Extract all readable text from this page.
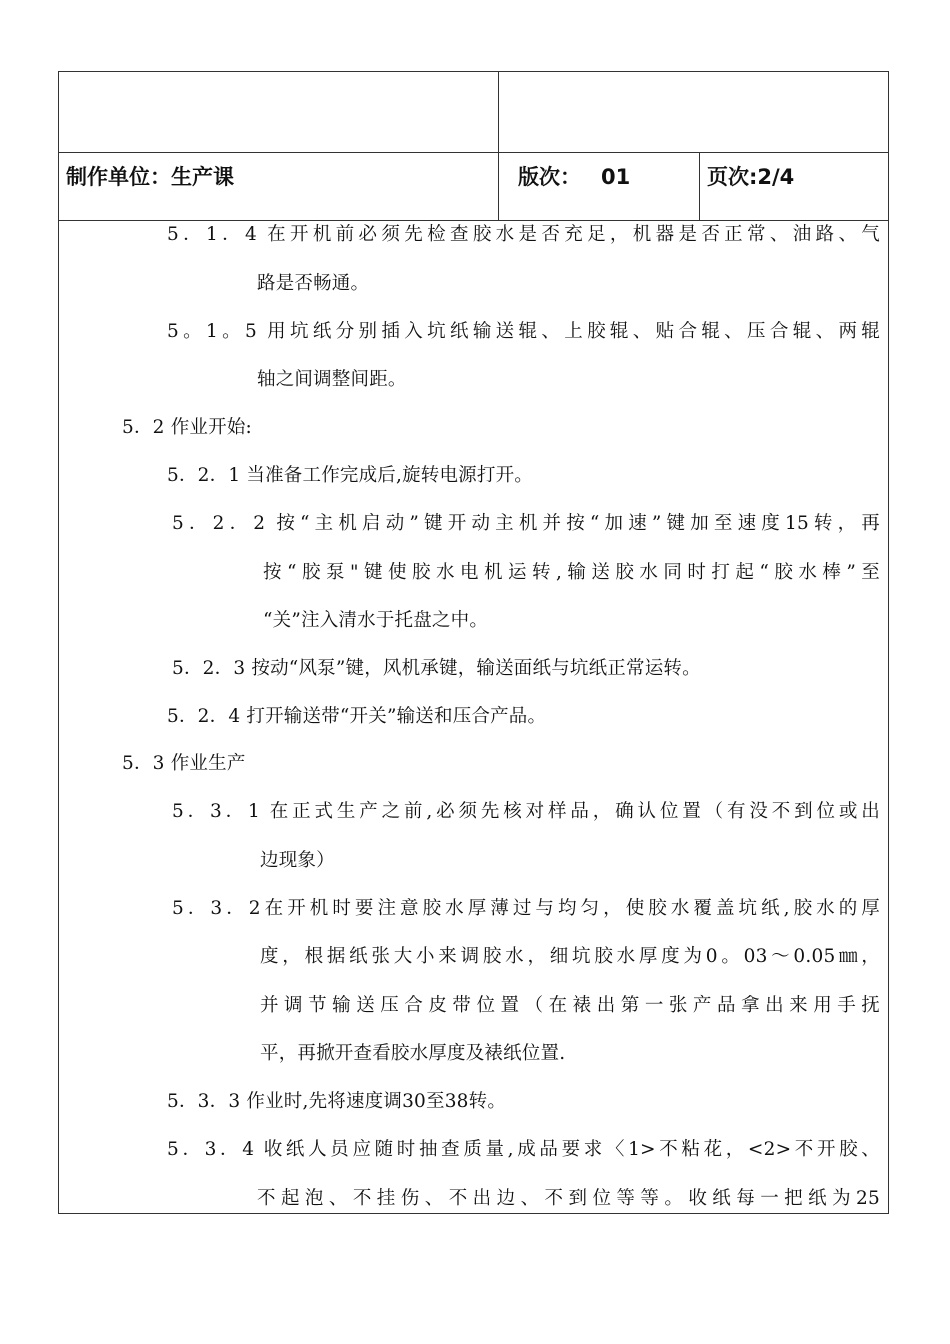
制作单位：生产课	版次： 01	页次:2/4
5．1．4 在开机前必须先检查胶水是否充足，机器是否正常、油路、气
路是否畅通。
5。1。5 用坑纸分别插入坑纸输送辊、上胶辊、贴合辊、压合辊、两辊
轴之间调整间距。
5．2 作业开始:
5．2．1 当准备工作完成后,旋转电源打开。
5．2．2 按“主机启动”键开动主机并按“加速”键加至速度15转，再
按“胶泵"键使胶水电机运转,输送胶水同时打起“胶水棒”至
“关”注入清水于托盘之中。
5．2．3 按动“风泵”键，风机承键，输送面纸与坑纸正常运转。
5．2．4 打开输送带“开关”输送和压合产品。
5．3 作业生产
5．3．1 在正式生产之前,必须先核对样品，确认位置（有没不到位或出
边现象）
5．3．2在开机时要注意胶水厚薄过与均匀，使胶水覆盖坑纸,胶水的厚
度，根据纸张大小来调胶水，细坑胶水厚度为0。03～0.05㎜，
并调节输送压合皮带位置（在裱出第一张产品拿出来用手抚
平，再掀开查看胶水厚度及裱纸位置.
5．3．3 作业时,先将速度调30至38转。
5．3．4 收纸人员应随时抽查质量,成品要求〈1>不粘花，<2>不开胶、
不起泡、不挂伤、不出边、不到位等等。收纸每一把纸为25
